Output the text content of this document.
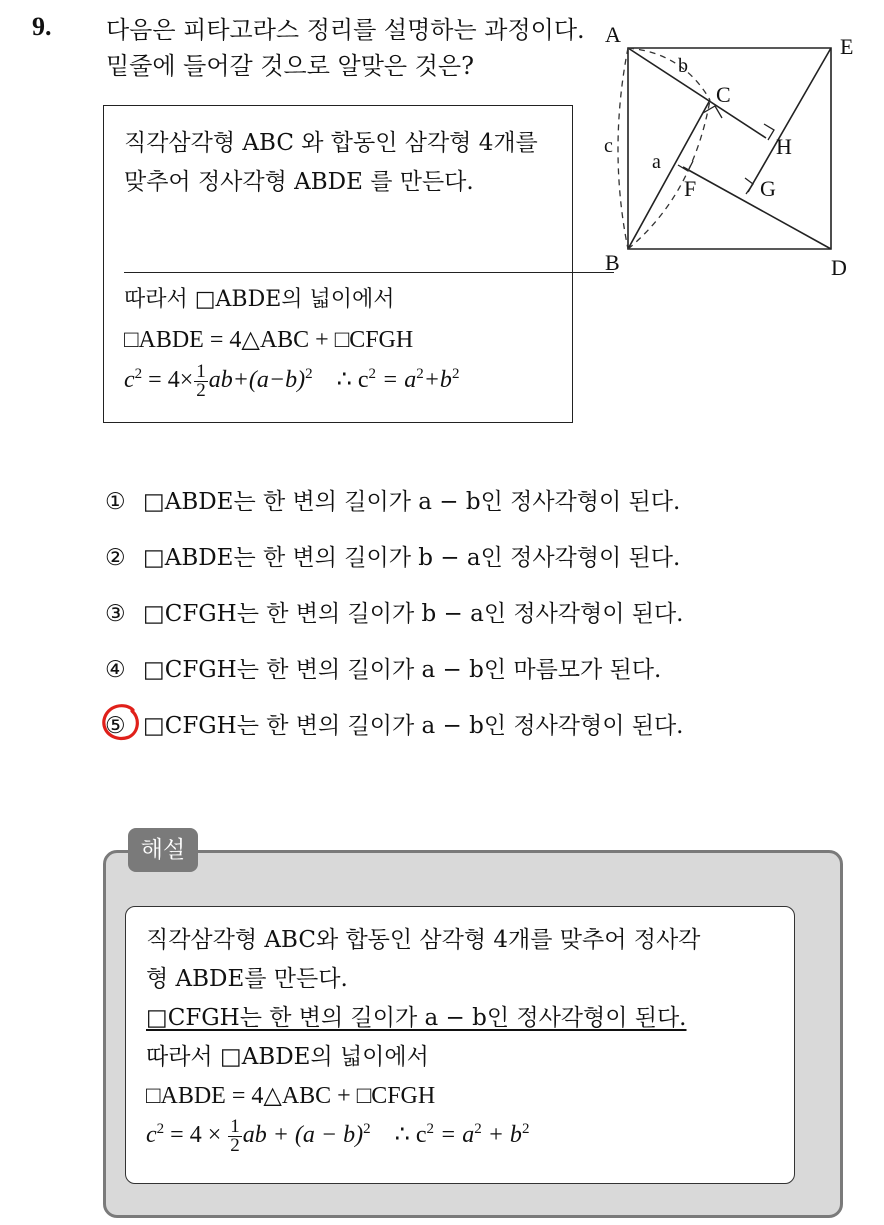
9. 다음은 피타고라스 정리를 설명하는 과정이다. 밑줄에 들어갈 것으로 알맞은 것은?
직각삼각형 ABC 와 합동인 삼각형 4개를 맞추어 정사각형 ABDE 를 만든다.
따라서 □ABDE의 넓이에서
□ABDE = 4△ABC + □CFGH
$c^2 = 4\times \frac{1}{2} ab+(a-b)^2$ ∴ $c^2 = a^2+b^2$
A	E
B	D
C
H
F	G
b
c
a
① □ABDE는 한 변의 길이가 a − b인 정사각형이 된다.
② □ABDE는 한 변의 길이가 b − a인 정사각형이 된다.
③ □CFGH는 한 변의 길이가 b − a인 정사각형이 된다.
④ □CFGH는 한 변의 길이가 a − b인 마름모가 된다.
⑤ □CFGH는 한 변의 길이가 a − b인 정사각형이 된다.
해설
직각삼각형 ABC와 합동인 삼각형 4개를 맞추어 정사각
형 ABDE를 만든다.
□CFGH는 한 변의 길이가 a − b인 정사각형이 된다.
따라서 □ABDE의 넓이에서
□ABDE = 4△ABC + □CFGH
$c^2 = 4 \times \frac{1}{2}$ ab + $(a - b)^2$ ∴ $c^2 = a^2 + b^2$
